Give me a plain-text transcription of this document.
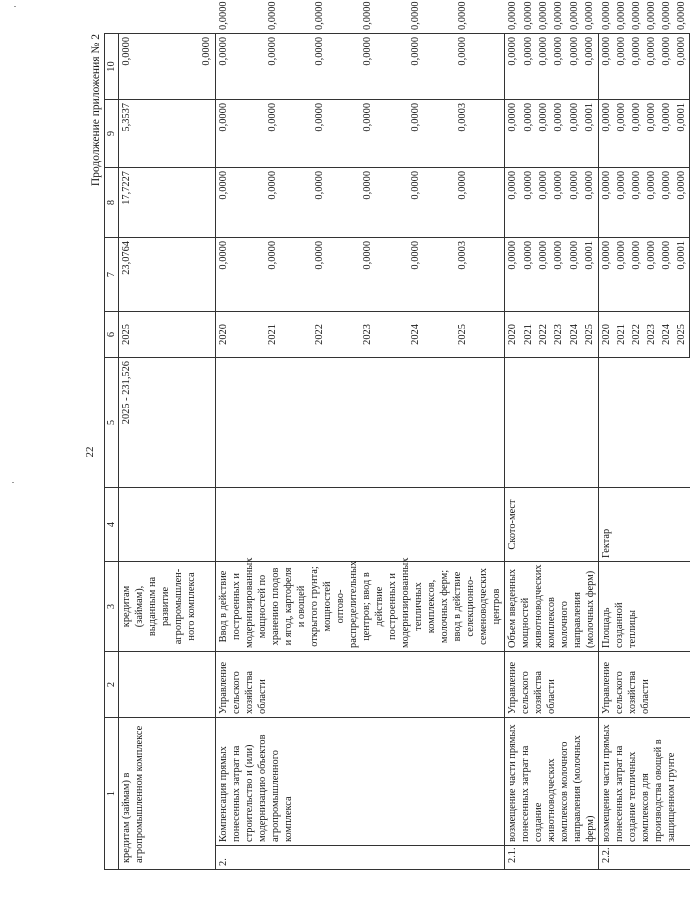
22
Продолжение приложения № 2
1		2	3	4	5	6	7	8	9	10	
кредитам (займам) в агропромышленном комплексе			кредитам (займам), выданным на развитие агропромышлен-ного комплекса		2025 - 231,526	2025	23,0764	17,7227	5,3537	0,0000	
										0,0000	
2.	Компенсация прямых понесенных затрат на строительство и (или) модернизацию объектов агропромышленного комплекса	Управление сельского хозяйства области	Ввод в действие построенных и модернизированных мощностей по хранению плодов и ягод, картофеля и овощей открытого грунта; мощностей оптово-распределительных центров; ввод в действие построенных и модернизированных тепличных комплексов, молочных ферм; ввод в действие селекционно-семеноводческих центров			2020	0,0000	0,0000	0,0000	0,0000	0,0000
						2021	0,0000	0,0000	0,0000	0,0000	0,0000
						2022	0,0000	0,0000	0,0000	0,0000	0,0000
						2023	0,0000	0,0000	0,0000	0,0000	0,0000
						2024	0,0000	0,0000	0,0000	0,0000	0,0000
						2025	0,0003	0,0000	0,0003	0,0000	0,0000
2.1.	возмещение части прямых понесенных затрат на создание животноводческих комплексов молочного направления (молочных ферм)	Управление сельского хозяйства области	Объем введенных мощностей животноводческих комплексов молочного направления (молочных ферм)	Ското-мест		2020	0,0000	0,0000	0,0000	0,0000	0,0000
						2021	0,0000	0,0000	0,0000	0,0000	0,0000
						2022	0,0000	0,0000	0,0000	0,0000	0,0000
						2023	0,0000	0,0000	0,0000	0,0000	0,0000
						2024	0,0000	0,0000	0,0000	0,0000	0,0000
						2025	0,0001	0,0000	0,0001	0,0000	0,0000
2.2.	возмещение части прямых понесенных затрат на создание тепличных комплексов для производства овощей в защищенном грунте	Управление сельского хозяйства области	Площадь созданной теплицы	Гектар		2020	0,0000	0,0000	0,0000	0,0000	0,0000
						2021	0,0000	0,0000	0,0000	0,0000	0,0000
						2022	0,0000	0,0000	0,0000	0,0000	0,0000
						2023	0,0000	0,0000	0,0000	0,0000	0,0000
						2024	0,0000	0,0000	0,0000	0,0000	0,0000
						2025	0,0001	0,0000	0,0001	0,0000	0,0000
